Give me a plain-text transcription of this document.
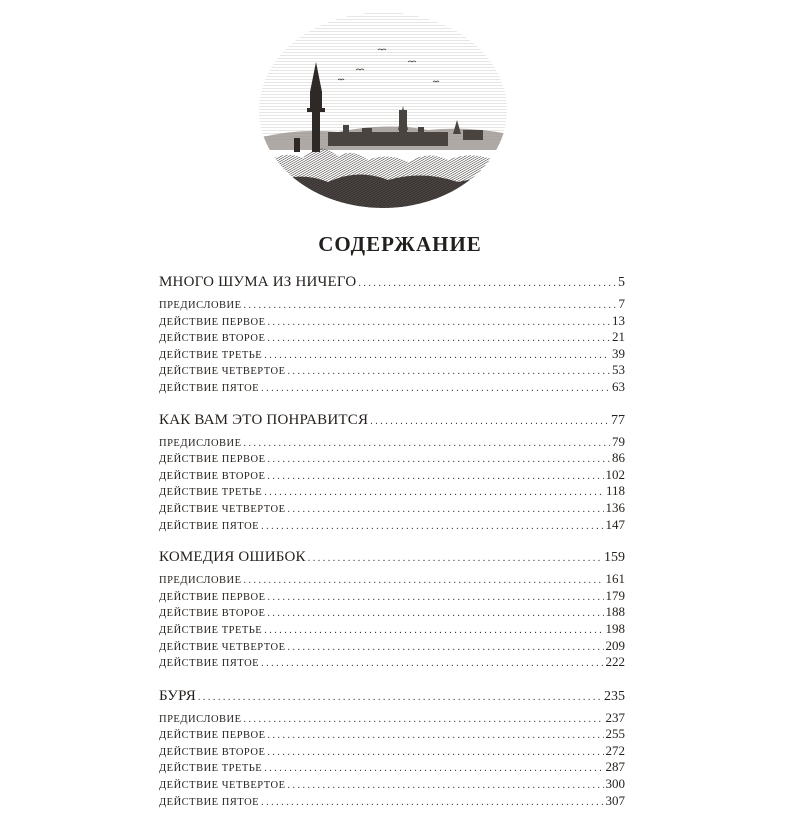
СОДЕРЖАНИЕ
МНОГО ШУМА ИЗ НИЧЕГО . . .	5
ПРЕДИСЛОВИЕ . . .	7
ДЕЙСТВИЕ ПЕРВОЕ . . .	13
ДЕЙСТВИЕ ВТОРОЕ . . .	21
ДЕЙСТВИЕ ТРЕТЬЕ . . .	39
ДЕЙСТВИЕ ЧЕТВЕРТОЕ . . .	53
ДЕЙСТВИЕ ПЯТОЕ . . .	63
КАК ВАМ ЭТО ПОНРАВИТСЯ . . .	77
ПРЕДИСЛОВИЕ . . .	79
ДЕЙСТВИЕ ПЕРВОЕ . . .	86
ДЕЙСТВИЕ ВТОРОЕ . . .	102
ДЕЙСТВИЕ ТРЕТЬЕ . . .	118
ДЕЙСТВИЕ ЧЕТВЕРТОЕ . . .	136
ДЕЙСТВИЕ ПЯТОЕ . . .	147
КОМЕДИЯ ОШИБОК . . .	159
ПРЕДИСЛОВИЕ . . .	161
ДЕЙСТВИЕ ПЕРВОЕ . . .	179
ДЕЙСТВИЕ ВТОРОЕ . . .	188
ДЕЙСТВИЕ ТРЕТЬЕ . . .	198
ДЕЙСТВИЕ ЧЕТВЕРТОЕ . . .	209
ДЕЙСТВИЕ ПЯТОЕ . . .	222
БУРЯ . . .	235
ПРЕДИСЛОВИЕ . . .	237
ДЕЙСТВИЕ ПЕРВОЕ . . .	255
ДЕЙСТВИЕ ВТОРОЕ . . .	272
ДЕЙСТВИЕ ТРЕТЬЕ . . .	287
ДЕЙСТВИЕ ЧЕТВЕРТОЕ . . .	300
ДЕЙСТВИЕ ПЯТОЕ . . .	307
